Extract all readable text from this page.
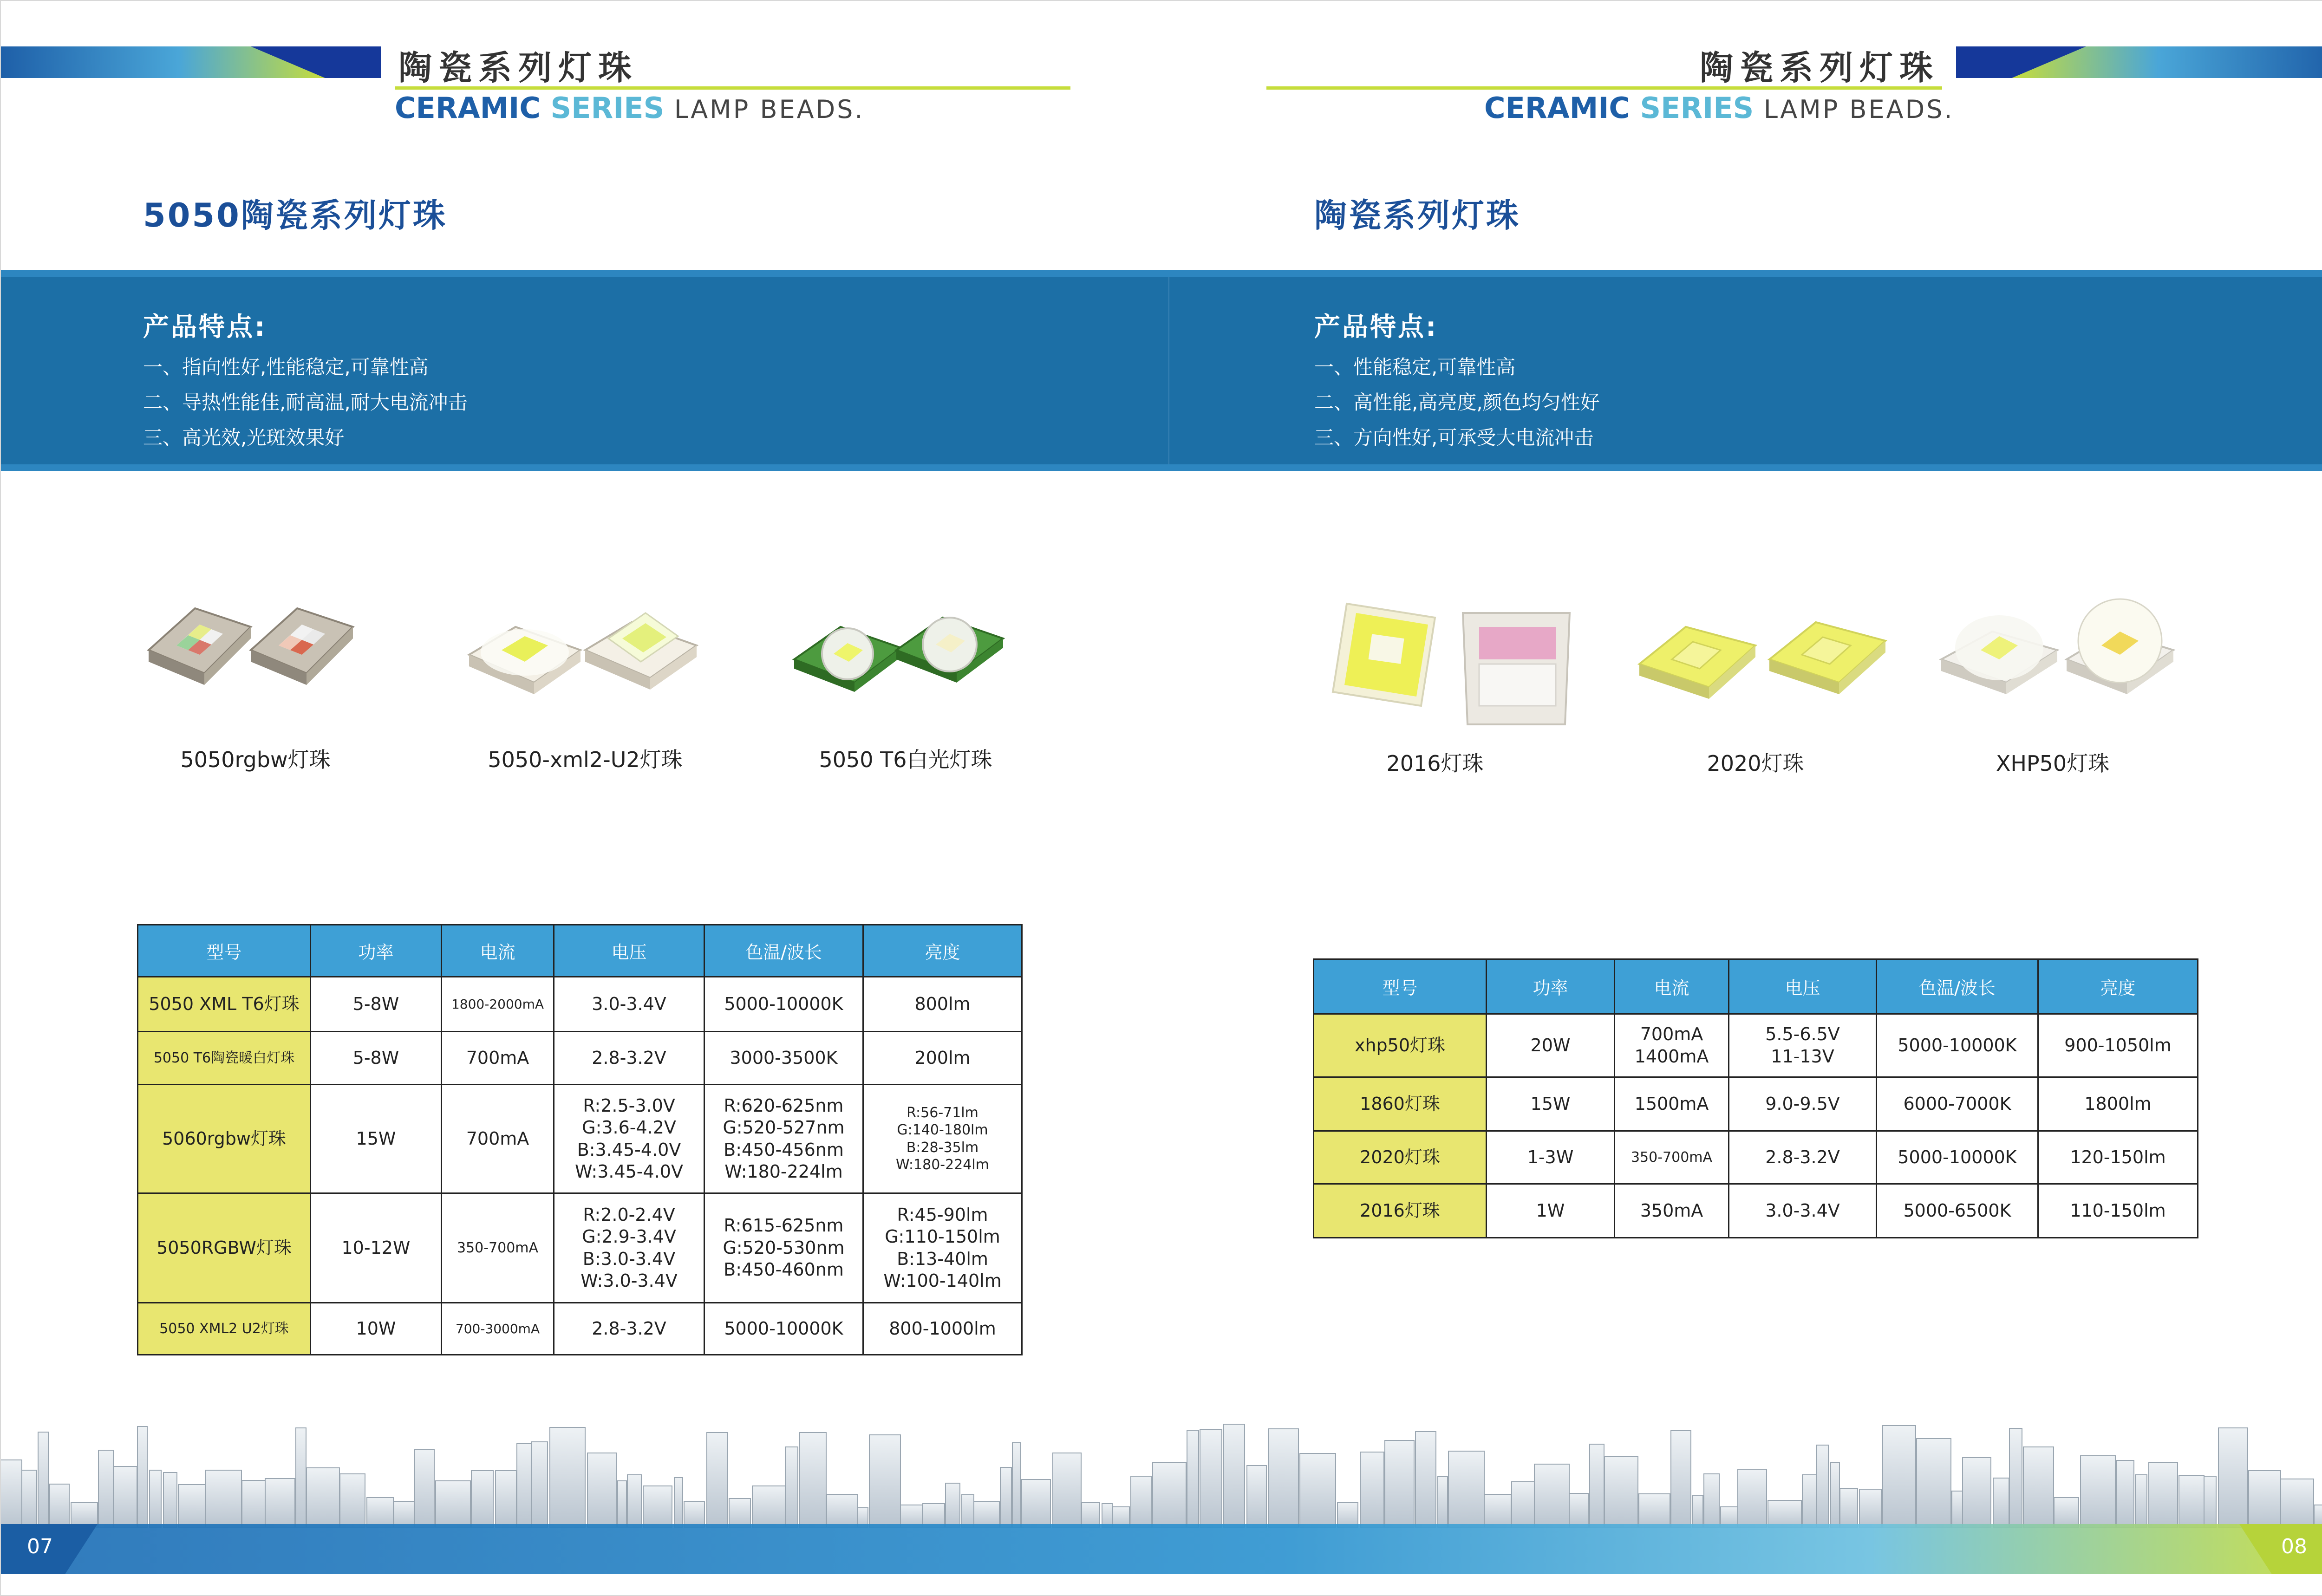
陶瓷系列灯珠
CERAMIC SERIES LAMP BEADS.
陶瓷系列灯珠
CERAMIC SERIES LAMP BEADS.
5050陶瓷系列灯珠	陶瓷系列灯珠
产品特点:
一、指向性好,性能稳定,可靠性高
二、导热性能佳,耐高温,耐大电流冲击
三、高光效,光斑效果好
产品特点:
一、性能稳定,可靠性高
二、高性能,高亮度,颜色均匀性好
三、方向性好,可承受大电流冲击
5050rgbw灯珠	5050-xml2-U2灯珠	5050 T6白光灯珠	2016灯珠	2020灯珠	XHP50灯珠
型号	功率	电流	电压	色温/波长	亮度
5050 XML T6灯珠	5-8W	1800-2000mA	3.0-3.4V	5000-10000K	800lm
5050 T6陶瓷暖白灯珠	5-8W	700mA	2.8-3.2V	3000-3500K	200lm
5060rgbw灯珠	15W	700mA	R:2.5-3.0V
G:3.6-4.2V
B:3.45-4.0V
W:3.45-4.0V	R:620-625nm
G:520-527nm
B:450-456nm
W:180-224lm	R:56-71lm
G:140-180lm
B:28-35lm
W:180-224lm

5050RGBW灯珠	10-12W	350-700mA	R:2.0-2.4V
G:2.9-3.4V
B:3.0-3.4V
W:3.0-3.4V	R:615-625nm
G:520-530nm
B:450-460nm	R:45-90lm
G:110-150lm
B:13-40lm
W:100-140lm

5050 XML2 U2灯珠	10W	700-3000mA	2.8-3.2V	5000-10000K	800-1000lm
型号	功率	电流	电压	色温/波长	亮度
xhp50灯珠	20W	700mA
1400mA	5.5-6.5V
11-13V	5000-10000K	900-1050lm
1860灯珠	15W	1500mA	9.0-9.5V	6000-7000K	1800lm
2020灯珠	1-3W	350-700mA	2.8-3.2V	5000-10000K	120-150lm
2016灯珠	1W	350mA	3.0-3.4V	5000-6500K	110-150lm
07	08
